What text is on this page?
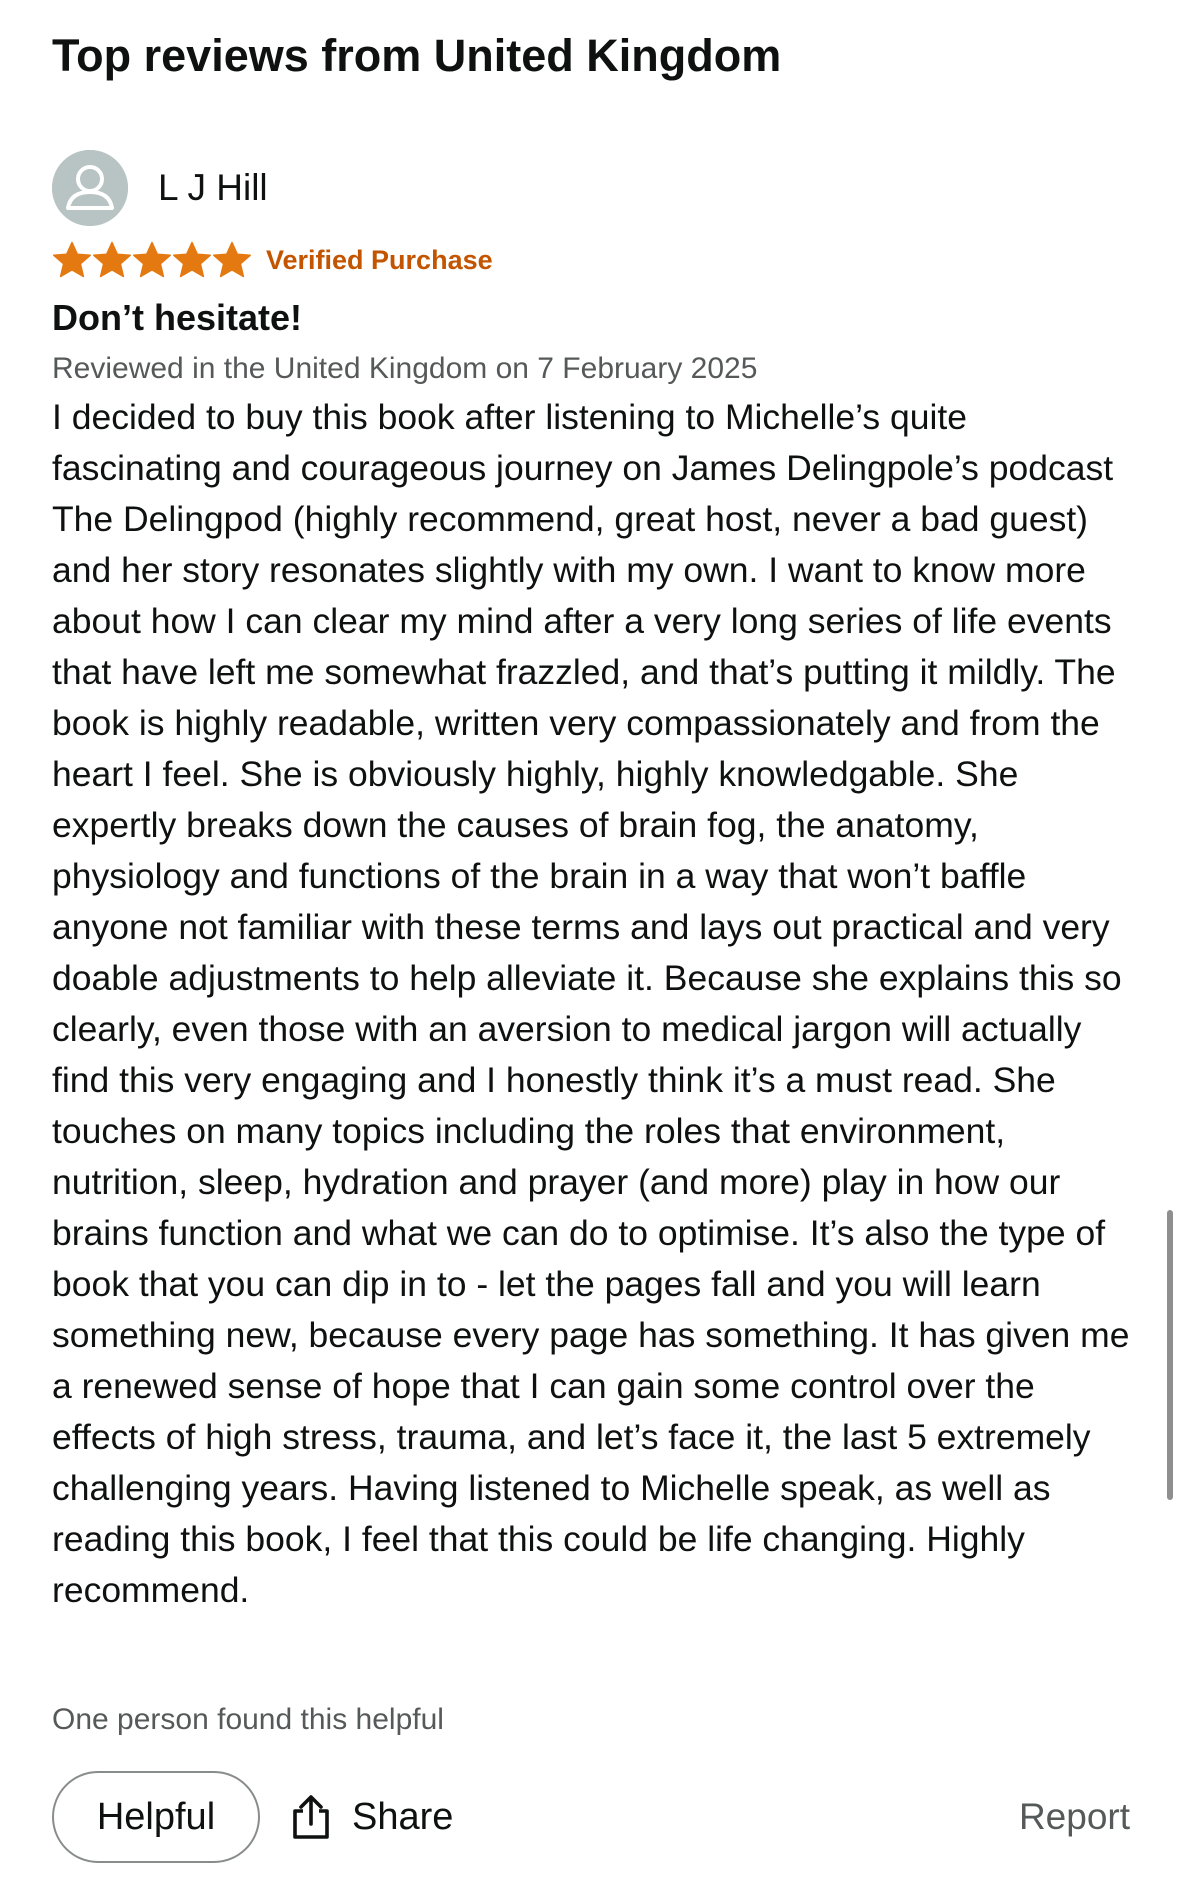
Top reviews from United Kingdom
L J Hill
Verified Purchase
Don’t hesitate!
Reviewed in the United Kingdom on 7 February 2025
I decided to buy this book after listening to Michelle’s quite fascinating and courageous journey on James Delingpole’s podcast The Delingpod (highly recommend, great host, never a bad guest) and her story resonates slightly with my own. I want to know more about how I can clear my mind after a very long series of life events that have left me somewhat frazzled, and that’s putting it mildly. The book is highly readable, written very compassionately and from the heart I feel. She is obviously highly, highly knowledgable. She expertly breaks down the causes of brain fog, the anatomy, physiology and functions of the brain in a way that won’t baffle anyone not familiar with these terms and lays out practical and very doable adjustments to help alleviate it. Because she explains this so clearly, even those with an aversion to medical jargon will actually find this very engaging and I honestly think it’s a must read. She touches on many topics including the roles that environment, nutrition, sleep, hydration and prayer (and more) play in how our brains function and what we can do to optimise. It’s also the type of book that you can dip in to - let the pages fall and you will learn something new, because every page has something. It has given me a renewed sense of hope that I can gain some control over the effects of high stress, trauma, and let’s face it, the last 5 extremely challenging years. Having listened to Michelle speak, as well as reading this book, I feel that this could be life changing. Highly recommend.
One person found this helpful
Helpful	Share	Report
